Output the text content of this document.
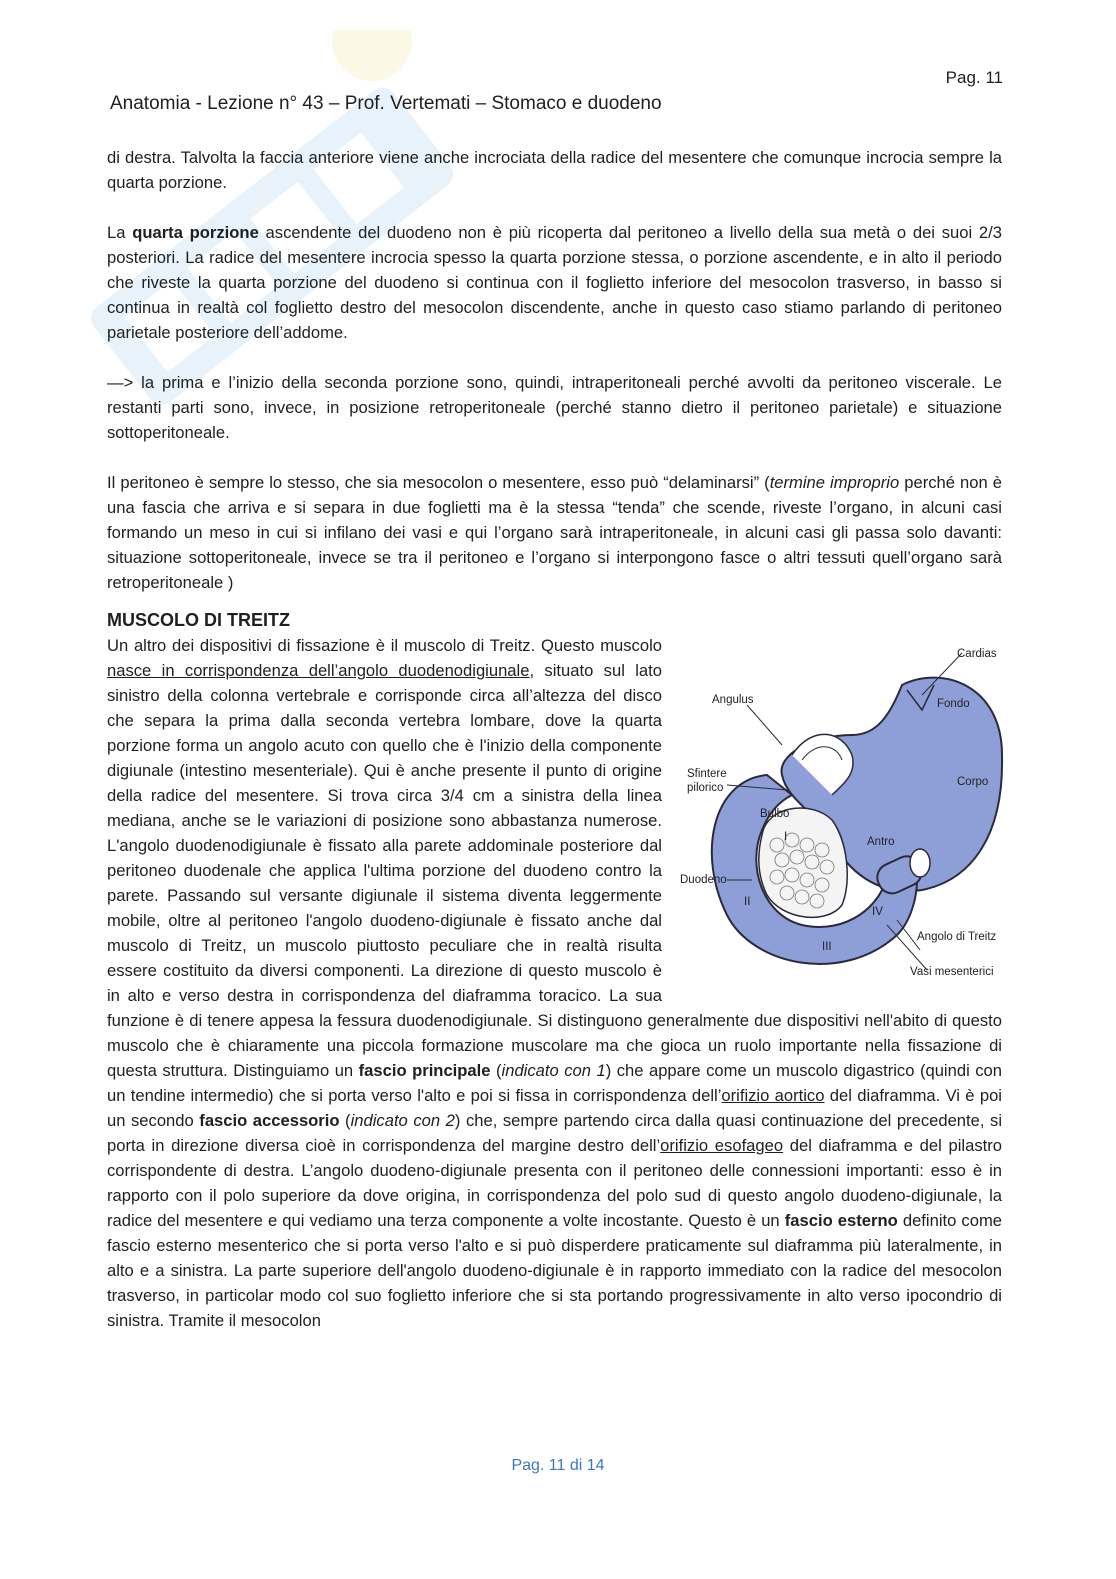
Pag. 11
Anatomia - Lezione n° 43 – Prof. Vertemati – Stomaco e duodeno

di destra. Talvolta la faccia anteriore viene anche incrociata della radice del mesentere che comunque incrocia sempre la quarta porzione.

La quarta porzione ascendente del duodeno non è più ricoperta dal peritoneo a livello della sua metà o dei suoi 2/3 posteriori. La radice del mesentere incrocia spesso la quarta porzione stessa, o porzione ascendente, e in alto il periodo che riveste la quarta porzione del duodeno si continua con il foglietto inferiore del mesocolon trasverso, in basso si continua in realtà col foglietto destro del mesocolon discendente, anche in questo caso stiamo parlando di peritoneo parietale posteriore dell’addome.

—> la prima e l’inizio della seconda porzione sono, quindi, intraperitoneali perché avvolti da peritoneo viscerale. Le restanti parti sono, invece, in posizione retroperitoneale (perché stanno dietro il peritoneo parietale) e situazione sottoperitoneale.

Il peritoneo è sempre lo stesso, che sia mesocolon o mesentere, esso può “delaminarsi” (termine improprio perché non è una fascia che arriva e si separa in due foglietti ma è la stessa “tenda” che scende, riveste l’organo, in alcuni casi formando un meso in cui si infilano dei vasi e qui l’organo sarà intraperitoneale, in alcuni casi gli passa solo davanti: situazione sottoperitoneale, invece se tra il peritoneo e l’organo si interpongono fasce o altri tessuti quell’organo sarà retroperitoneale )

MUSCOLO DI TREITZ
Cardias
Fondo
Angulus
Corpo
Sfintere
pilorico
Bulbo
Antro
Duodeno
Angolo di Treitz
Vasi mesenterici
I
II
III
IV

Un altro dei dispositivi di fissazione è il muscolo di Treitz. Questo muscolo nasce in corrispondenza dell’angolo duodenodigiunale, situato sul lato sinistro della colonna vertebrale e corrisponde circa all’altezza del disco che separa la prima dalla seconda vertebra lombare, dove la quarta porzione forma un angolo acuto con quello che è l'inizio della componente digiunale (intestino mesenteriale). Qui è anche presente il punto di origine della radice del mesentere. Si trova circa 3/4 cm a sinistra della linea mediana, anche se le variazioni di posizione sono abbastanza numerose. L'angolo duodenodigiunale è fissato alla parete addominale posteriore dal peritoneo duodenale che applica l'ultima porzione del duodeno contro la parete. Passando sul versante digiunale il sistema diventa leggermente mobile, oltre al peritoneo l'angolo duodeno-digiunale è fissato anche dal muscolo di Treitz, un muscolo piuttosto peculiare che in realtà risulta essere costituito da diversi componenti. La direzione di questo muscolo è in alto e verso destra in corrispondenza del diaframma toracico. La sua funzione è di tenere appesa la fessura duodenodigiunale. Si distinguono generalmente due dispositivi nell'abito di questo muscolo che è chiaramente una piccola formazione muscolare ma che gioca un ruolo importante nella fissazione di questa struttura. Distinguiamo un fascio principale (indicato con 1) che appare come un muscolo digastrico (quindi con un tendine intermedio) che si porta verso l'alto e poi si fissa in corrispondenza dell’orifizio aortico del diaframma. Vi è poi un secondo fascio accessorio (indicato con 2) che, sempre partendo circa dalla quasi continuazione del precedente, si porta in direzione diversa cioè in corrispondenza del margine destro dell’orifizio esofageo del diaframma e del pilastro corrispondente di destra. L’angolo duodeno-digiunale presenta con il peritoneo delle connessioni importanti: esso è in rapporto con il polo superiore da dove origina, in corrispondenza del polo sud di questo angolo duodeno-digiunale, la radice del mesentere e qui vediamo una terza componente a volte incostante. Questo è un fascio esterno definito come fascio esterno mesenterico che si porta verso l'alto e si può disperdere praticamente sul diaframma più lateralmente, in alto e a sinistra. La parte superiore dell'angolo duodeno-digiunale è in rapporto immediato con la radice del mesocolon trasverso, in particolar modo col suo foglietto inferiore che si sta portando progressivamente in alto verso ipocondrio di sinistra. Tramite il mesocolon

Pag. 11 di 14
